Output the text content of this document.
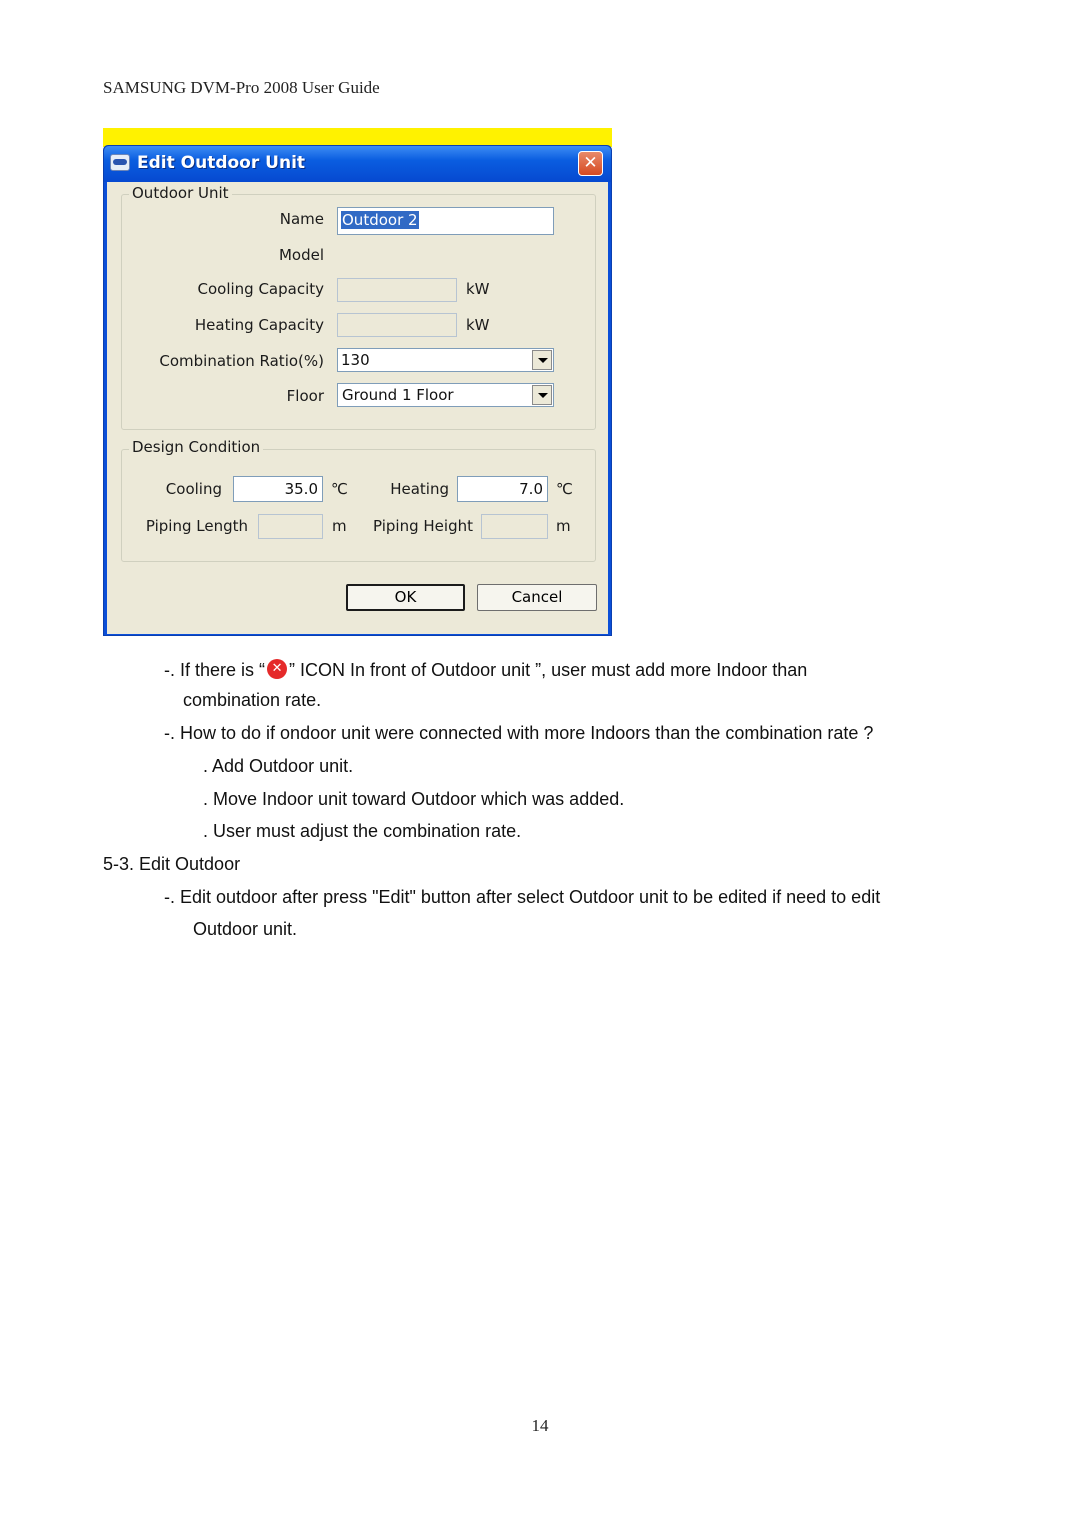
SAMSUNG DVM-Pro 2008 User Guide
Edit Outdoor Unit	✕
Outdoor Unit
Name Outdoor 2
Model
Cooling Capacity	kW
Heating Capacity	kW
Combination Ratio(%) 130
Floor Ground 1 Floor
Design Condition
Cooling	35.0 ℃	Heating	7.0 ℃
Piping Length	m	Piping Height	m
OK	Cancel
-. If there is “ ✕ ” ICON In front of Outdoor unit ”, user must add more Indoor than
combination rate.
-. How to do if ondoor unit were connected with more Indoors than the combination rate ?
. Add Outdoor unit.
. Move Indoor unit toward Outdoor which was added.
. User must adjust the combination rate.
5-3. Edit Outdoor
-. Edit outdoor after press "Edit" button after select Outdoor unit to be edited if need to edit
Outdoor unit.
14
